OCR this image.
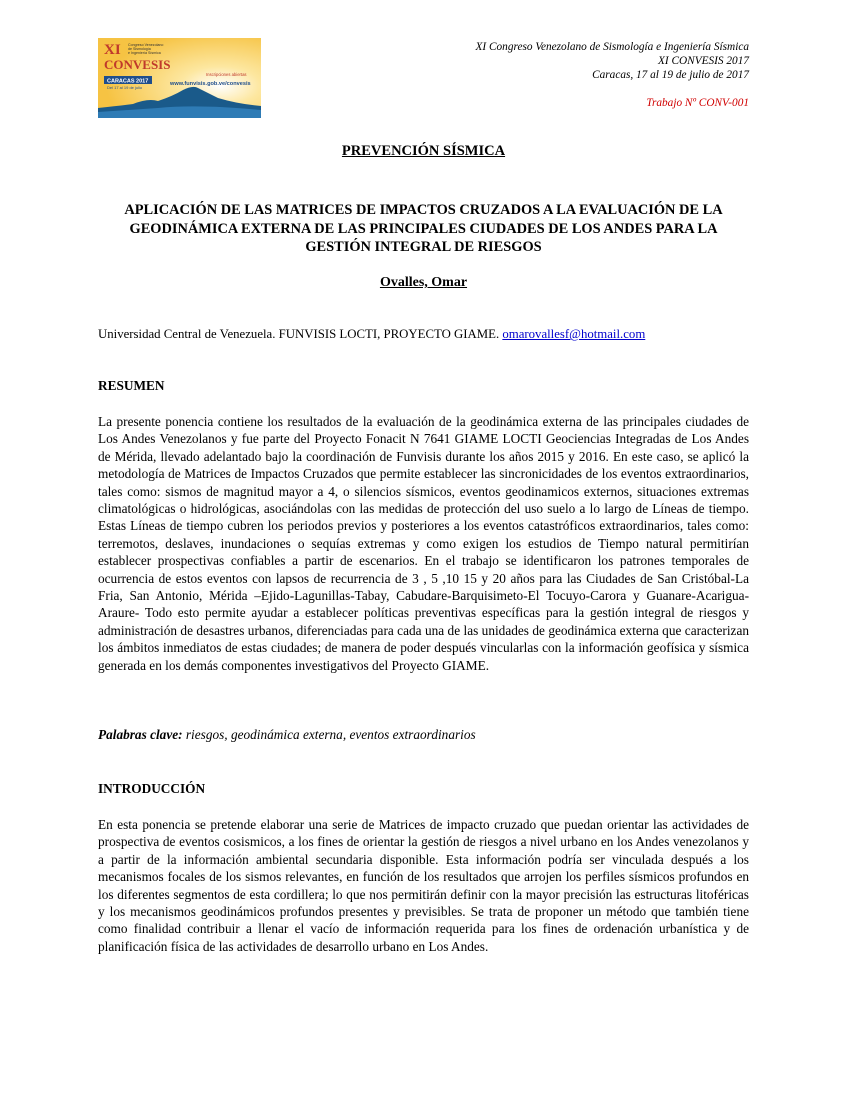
XI
CONVESIS
Congreso Venezolano
de Sismología
e Ingeniería Sísmica
CARACAS 2017
Del 17 al 19 de julio
Inscripciones abiertas
www.funvisis.gob.ve/convesis
XI Congreso Venezolano de Sismología e Ingeniería Sísmica
XI CONVESIS 2017
Caracas, 17 al 19 de julio de 2017
Trabajo Nº CONV-001
PREVENCIÓN SÍSMICA
APLICACIÓN DE LAS MATRICES DE IMPACTOS CRUZADOS A LA EVALUACIÓN DE LA GEODINÁMICA EXTERNA DE LAS PRINCIPALES CIUDADES DE LOS ANDES PARA LA GESTIÓN INTEGRAL DE RIESGOS
Ovalles, Omar
Universidad Central de Venezuela. FUNVISIS LOCTI, PROYECTO GIAME. omarovallesf@hotmail.com
RESUMEN

La presente ponencia contiene los resultados de la evaluación de la geodinámica externa de las principales ciudades de Los Andes Venezolanos y fue parte del Proyecto Fonacit N 7641 GIAME LOCTI Geociencias Integradas de Los Andes de Mérida, llevado adelantado bajo la coordinación de Funvisis durante los años 2015 y 2016. En este caso, se aplicó la metodología de Matrices de Impactos Cruzados que permite establecer las sincronicidades de los eventos extraordinarios, tales como: sismos de magnitud mayor a 4, o silencios sísmicos, eventos geodinamicos externos, situaciones extremas climatológicas o hidrológicas, asociándolas con las medidas de protección del uso suelo a lo largo de Líneas de tiempo. Estas Líneas de tiempo cubren los periodos previos y posteriores a los eventos catastróficos extraordinarios, tales como: terremotos, deslaves, inundaciones o sequías extremas y como exigen los estudios de Tiempo natural permitirían establecer prospectivas confiables a partir de escenarios. En el trabajo se identificaron los patrones temporales de ocurrencia de estos eventos con lapsos de recurrencia de 3 , 5 ,10 15 y 20 años para las Ciudades de San Cristóbal-La Fria, San Antonio, Mérida –Ejido-Lagunillas-Tabay, Cabudare-Barquisimeto-El Tocuyo-Carora y Guanare-Acarigua-Araure- Todo esto permite ayudar a establecer políticas preventivas específicas para la gestión integral de riesgos y administración de desastres urbanos, diferenciadas para cada una de las unidades de geodinámica externa que caracterizan los ámbitos inmediatos de estas ciudades; de manera de poder después vincularlas con la información geofísica y sísmica generada en los demás componentes investigativos del Proyecto GIAME.

Palabras clave: riesgos, geodinámica externa, eventos extraordinarios
INTRODUCCIÓN

En esta ponencia se pretende elaborar una serie de Matrices de impacto cruzado que puedan orientar las actividades de prospectiva de eventos cosismicos, a los fines de orientar la gestión de riesgos a nivel urbano en los Andes venezolanos y a partir de la información ambiental secundaria disponible. Esta información podría ser vinculada después a los mecanismos focales de los sismos relevantes, en función de los resultados que arrojen los perfiles sísmicos profundos en los diferentes segmentos de esta cordillera; lo que nos permitirán definir con la mayor precisión las estructuras litoféricas y los mecanismos geodinámicos profundos presentes y previsibles. Se trata de proponer un método que también tiene como finalidad contribuir a llenar el vacío de información requerida para los fines de ordenación urbanística y de planificación física de las actividades de desarrollo urbano en Los Andes.
